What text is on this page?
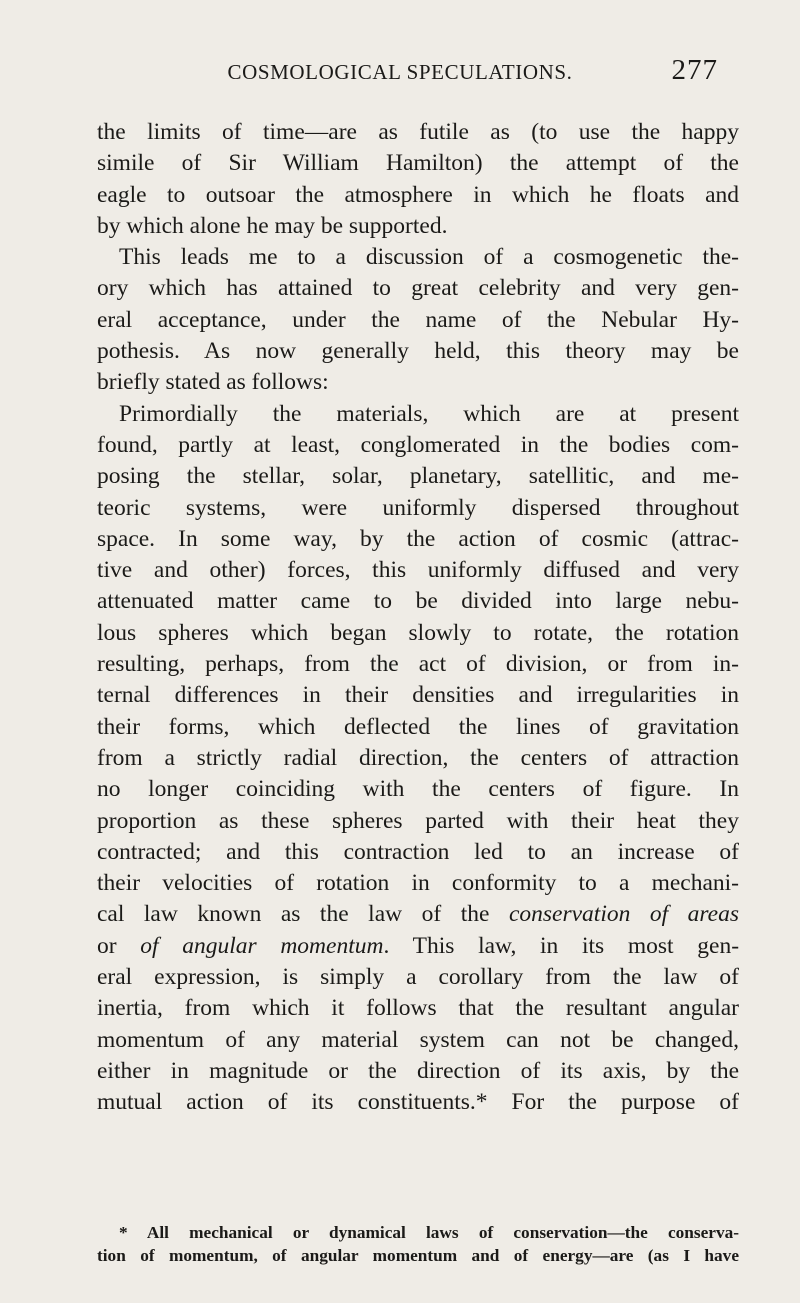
COSMOLOGICAL SPECULATIONS.	277
the limits of time—are as futile as (to use the happy
simile of Sir William Hamilton) the attempt of the
eagle to outsoar the atmosphere in which he floats and
by which alone he may be supported.
This leads me to a discussion of a cosmogenetic the-
ory which has attained to great celebrity and very gen-
eral acceptance, under the name of the Nebular Hy-
pothesis. As now generally held, this theory may be
briefly stated as follows:
Primordially the materials, which are at present
found, partly at least, conglomerated in the bodies com-
posing the stellar, solar, planetary, satellitic, and me-
teoric systems, were uniformly dispersed throughout
space. In some way, by the action of cosmic (attrac-
tive and other) forces, this uniformly diffused and very
attenuated matter came to be divided into large nebu-
lous spheres which began slowly to rotate, the rotation
resulting, perhaps, from the act of division, or from in-
ternal differences in their densities and irregularities in
their forms, which deflected the lines of gravitation
from a strictly radial direction, the centers of attraction
no longer coinciding with the centers of figure. In
proportion as these spheres parted with their heat they
contracted; and this contraction led to an increase of
their velocities of rotation in conformity to a mechani-
cal law known as the law of the conservation of areas
or of angular momentum. This law, in its most gen-
eral expression, is simply a corollary from the law of
inertia, from which it follows that the resultant angular
momentum of any material system can not be changed,
either in magnitude or the direction of its axis, by the
mutual action of its constituents.* For the purpose of
* All mechanical or dynamical laws of conservation—the conserva-
tion of momentum, of angular momentum and of energy—are (as I have
